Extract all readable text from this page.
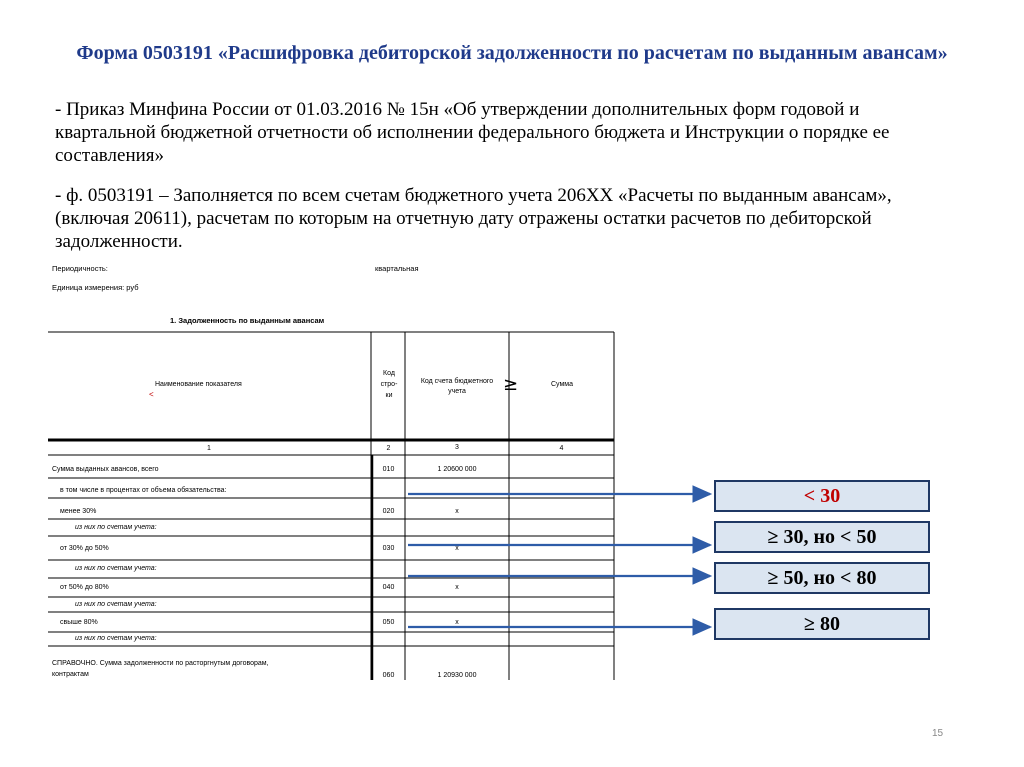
Форма 0503191 «Расшифровка дебиторской задолженности по расчетам по выданным авансам»
- Приказ Минфина России от 01.03.2016 № 15н «Об утверждении дополнительных форм годовой и квартальной бюджетной отчетности об исполнении федерального бюджета и Инструкции о порядке ее составления»
- ф. 0503191 – Заполняется по всем счетам бюджетного учета 206ХХ «Расчеты по выданным авансам», (включая 20611), расчетам по которым на отчетную дату отражены остатки расчетов по дебиторской задолженности.
Периодичность:	квартальная
Единица измерения: руб
1. Задолженность по выданным авансам
Наименование показателя
<
Код
стро-
ки
Код счета бюджетного
учета	≥	Сумма
1	2	3	4
Сумма выданных авансов, всего	010	1 20600 000
в том числе в процентах от объема обязательства:
менее 30%	020	х
из них по счетам учета:
от 30% до 50%	030	х
из них по счетам учета:
от 50% до 80%	040	х
из них по счетам учета:
свыше 80%	050	х
из них по счетам учета:
СПРАВОЧНО. Сумма задолженности по расторгнутым договорам,
контрактам	060	1 20930 000
< 30
≥ 30, но < 50
≥ 50, но < 80
≥ 80
15
